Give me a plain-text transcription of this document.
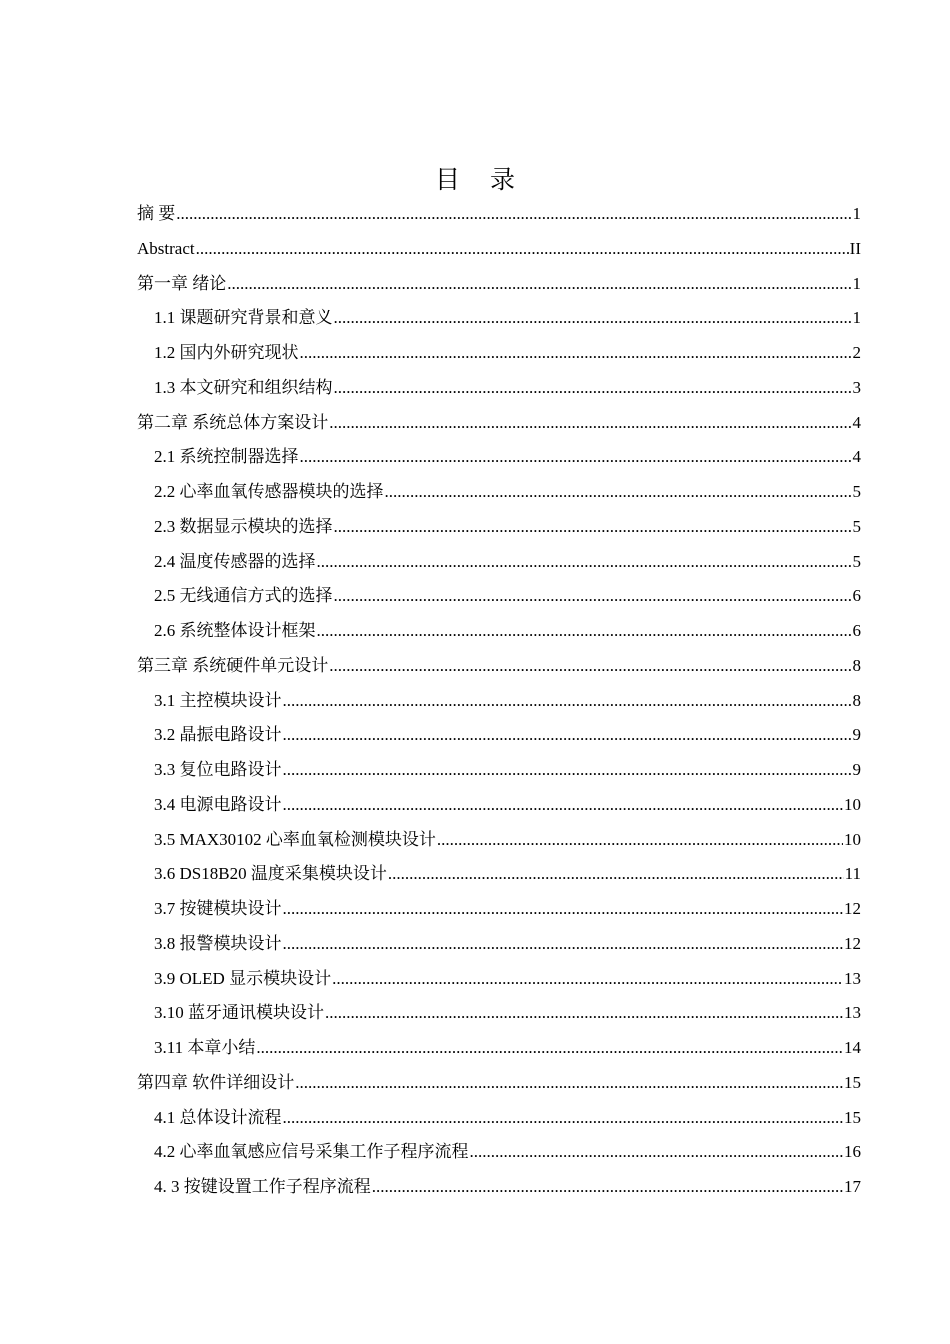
目 录
摘 要 .....	1
Abstract .....	II
第一章 绪论 .....	1
1.1 课题研究背景和意义 .....	1
1.2 国内外研究现状 .....	2
1.3 本文研究和组织结构 .....	3
第二章 系统总体方案设计 .....	4
2.1 系统控制器选择 .....	4
2.2 心率血氧传感器模块的选择 .....	5
2.3 数据显示模块的选择 .....	5
2.4 温度传感器的选择 .....	5
2.5 无线通信方式的选择 .....	6
2.6 系统整体设计框架 .....	6
第三章 系统硬件单元设计 .....	8
3.1 主控模块设计 .....	8
3.2 晶振电路设计 .....	9
3.3 复位电路设计 .....	9
3.4 电源电路设计 .....	10
3.5 MAX30102 心率血氧检测模块设计 .....	10
3.6 DS18B20 温度采集模块设计 .....	11
3.7 按键模块设计 .....	12
3.8 报警模块设计 .....	12
3.9 OLED 显示模块设计 .....	13
3.10 蓝牙通讯模块设计 .....	13
3.11 本章小结 .....	14
第四章 软件详细设计 .....	15
4.1 总体设计流程 .....	15
4.2 心率血氧感应信号采集工作子程序流程 .....	16
4. 3 按键设置工作子程序流程 .....	17
